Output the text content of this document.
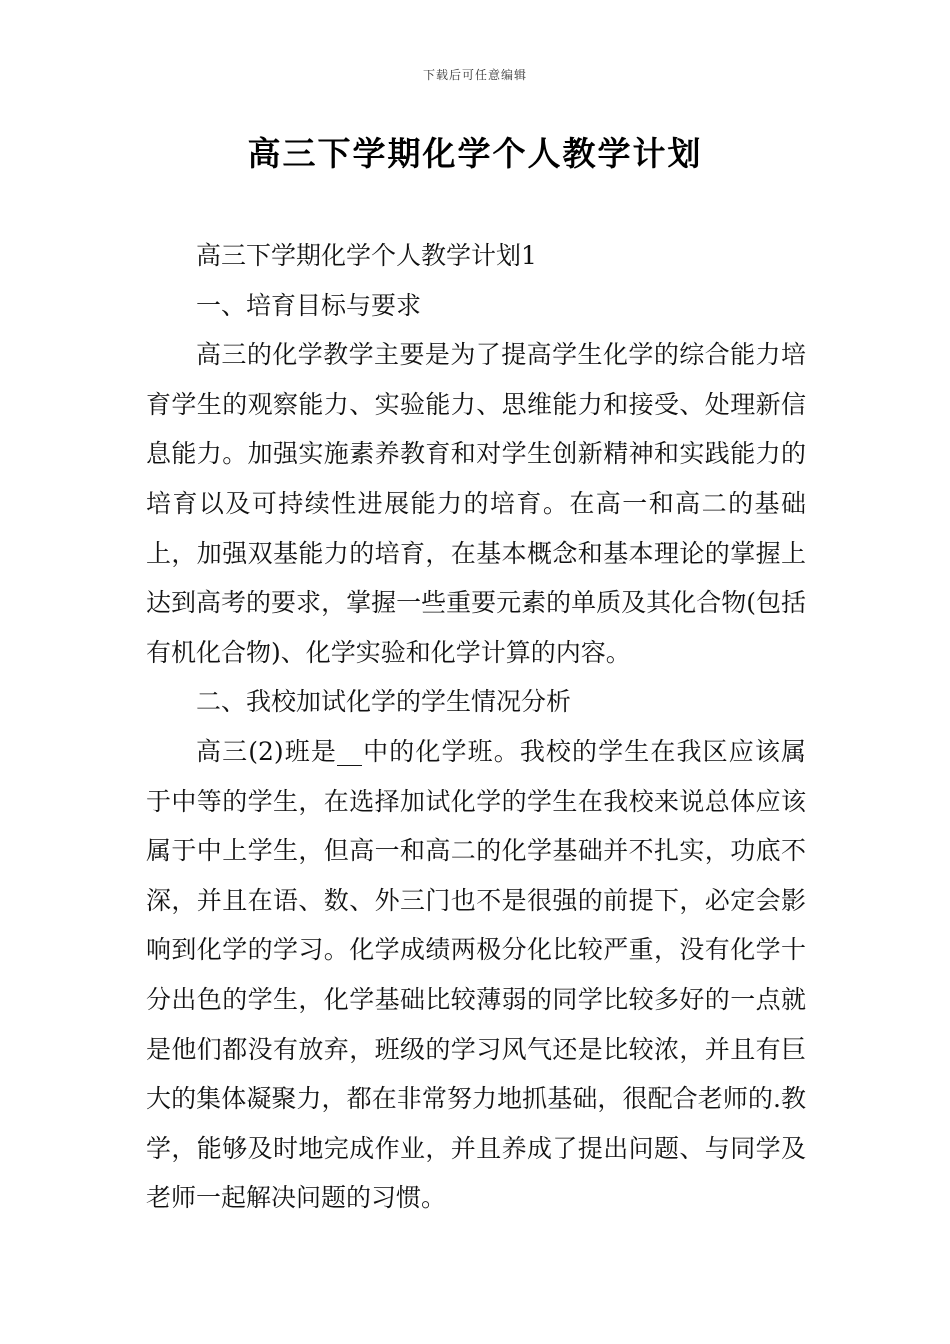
下载后可任意编辑
高三下学期化学个人教学计划

高三下学期化学个人教学计划1

一、培育目标与要求

高三的化学教学主要是为了提高学生化学的综合能力培育学生的观察能力、实验能力、思维能力和接受、处理新信息能力。加强实施素养教育和对学生创新精神和实践能力的培育以及可持续性进展能力的培育。在高一和高二的基础上，加强双基能力的培育，在基本概念和基本理论的掌握上达到高考的要求，掌握一些重要元素的单质及其化合物(包括有机化合物)、化学实验和化学计算的内容。

二、我校加试化学的学生情况分析

高三(2)班是__中的化学班。我校的学生在我区应该属于中等的学生，在选择加试化学的学生在我校来说总体应该属于中上学生，但高一和高二的化学基础并不扎实，功底不深，并且在语、数、外三门也不是很强的前提下，必定会影响到化学的学习。化学成绩两极分化比较严重，没有化学十分出色的学生，化学基础比较薄弱的同学比较多好的一点就是他们都没有放弃，班级的学习风气还是比较浓，并且有巨大的集体凝聚力，都在非常努力地抓基础，很配合老师的.教学，能够及时地完成作业，并且养成了提出问题、与同学及老师一起解决问题的习惯。
